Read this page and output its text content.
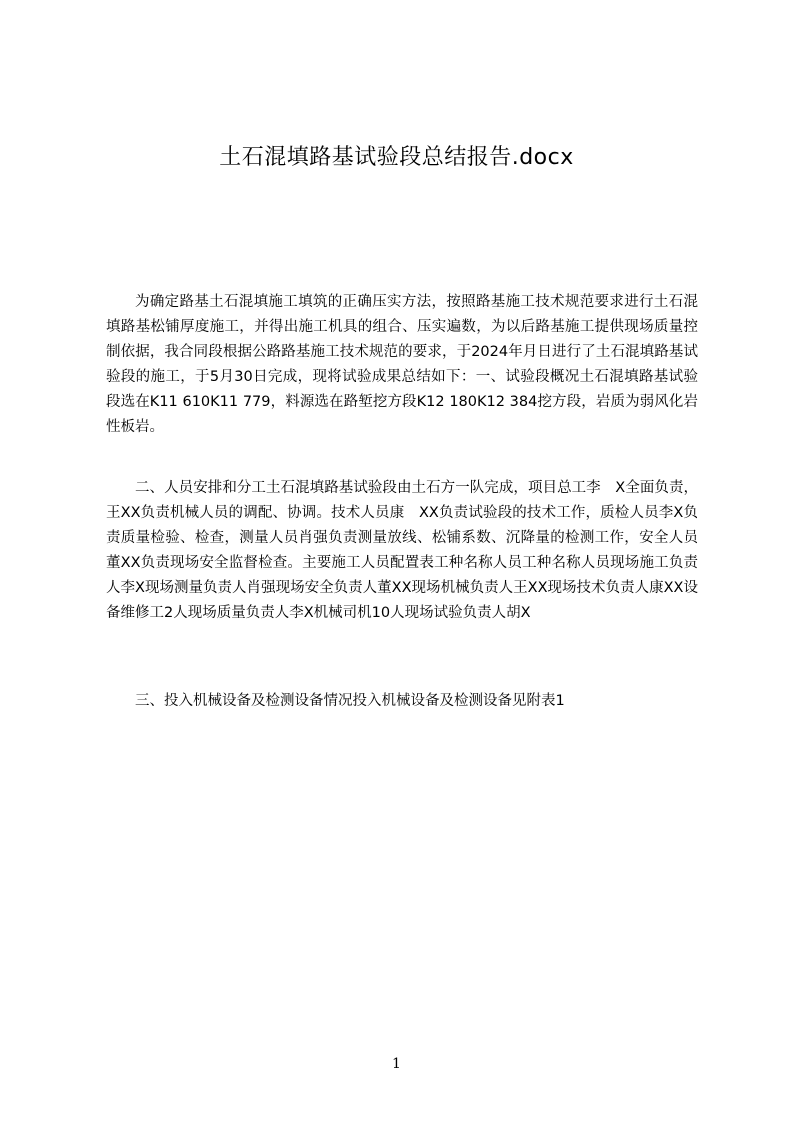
土石混填路基试验段总结报告.docx

为确定路基土石混填施工填筑的正确压实方法，按照路基施工技术规范要求进行土石混填路基松铺厚度施工，并得出施工机具的组合、压实遍数，为以后路基施工提供现场质量控制依据，我合同段根据公路路基施工技术规范的要求，于2024年月日进行了土石混填路基试验段的施工，于5月30日完成，现将试验成果总结如下：一、试验段概况土石混填路基试验段选在K11 610K11 779，料源选在路堑挖方段K12 180K12 384挖方段，岩质为弱风化岩性板岩。

二、人员安排和分工土石混填路基试验段由土石方一队完成，项目总工李　X全面负责，王XX负责机械人员的调配、协调。技术人员康　XX负责试验段的技术工作，质检人员李X负责质量检验、检查，测量人员肖强负责测量放线、松铺系数、沉降量的检测工作，安全人员董XX负责现场安全监督检查。主要施工人员配置表工种名称人员工种名称人员现场施工负责人李X现场测量负责人肖强现场安全负责人董XX现场机械负责人王XX现场技术负责人康XX设备维修工2人现场质量负责人李X机械司机10人现场试验负责人胡X

三、投入机械设备及检测设备情况投入机械设备及检测设备见附表1

1
